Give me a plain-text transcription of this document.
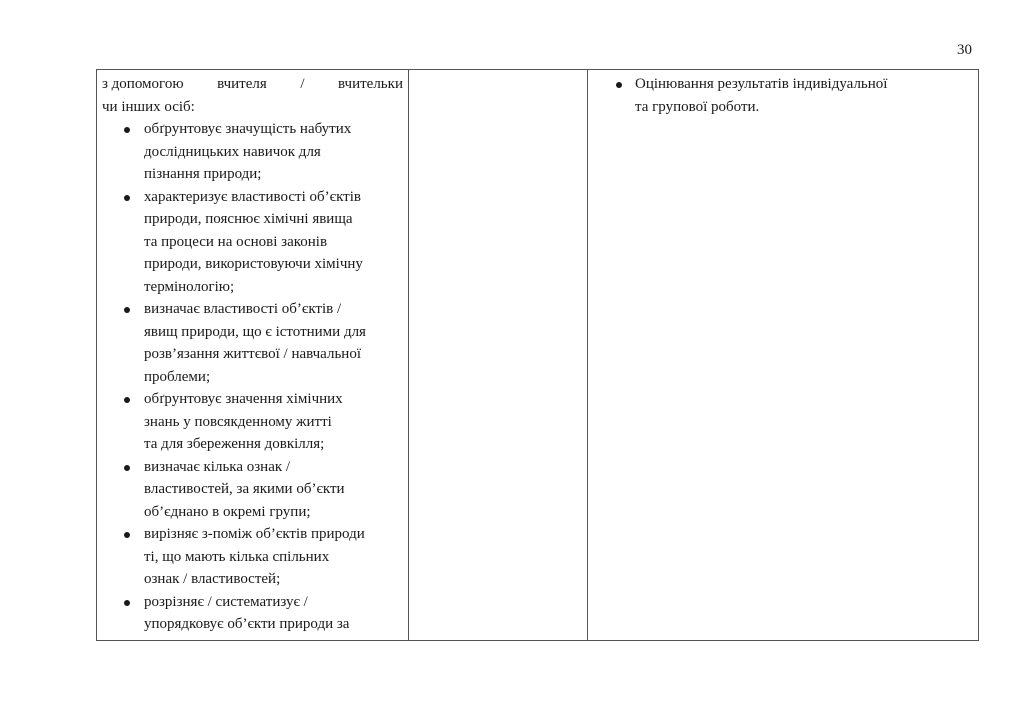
30
з допомогою вчителя / вчительки
чи інших осіб:
обґрунтовує значущість набутих
дослідницьких навичок для
пізнання природи;
характеризує властивості об’єктів
природи, пояснює хімічні явища
та процеси на основі законів
природи, використовуючи хімічну
термінологію;
визначає властивості об’єктів /
явищ природи, що є істотними для
розв’язання життєвої / навчальної
проблеми;
обґрунтовує значення хімічних
знань у повсякденному житті
та для збереження довкілля;
визначає кілька ознак /
властивостей, за якими об’єкти
об’єднано в окремі групи;
вирізняє з-поміж об’єктів природи
ті, що мають кілька спільних
ознак / властивостей;
розрізняє / систематизує /
упорядковує об’єкти природи за
Оцінювання результатів індивідуальної
та групової роботи.
